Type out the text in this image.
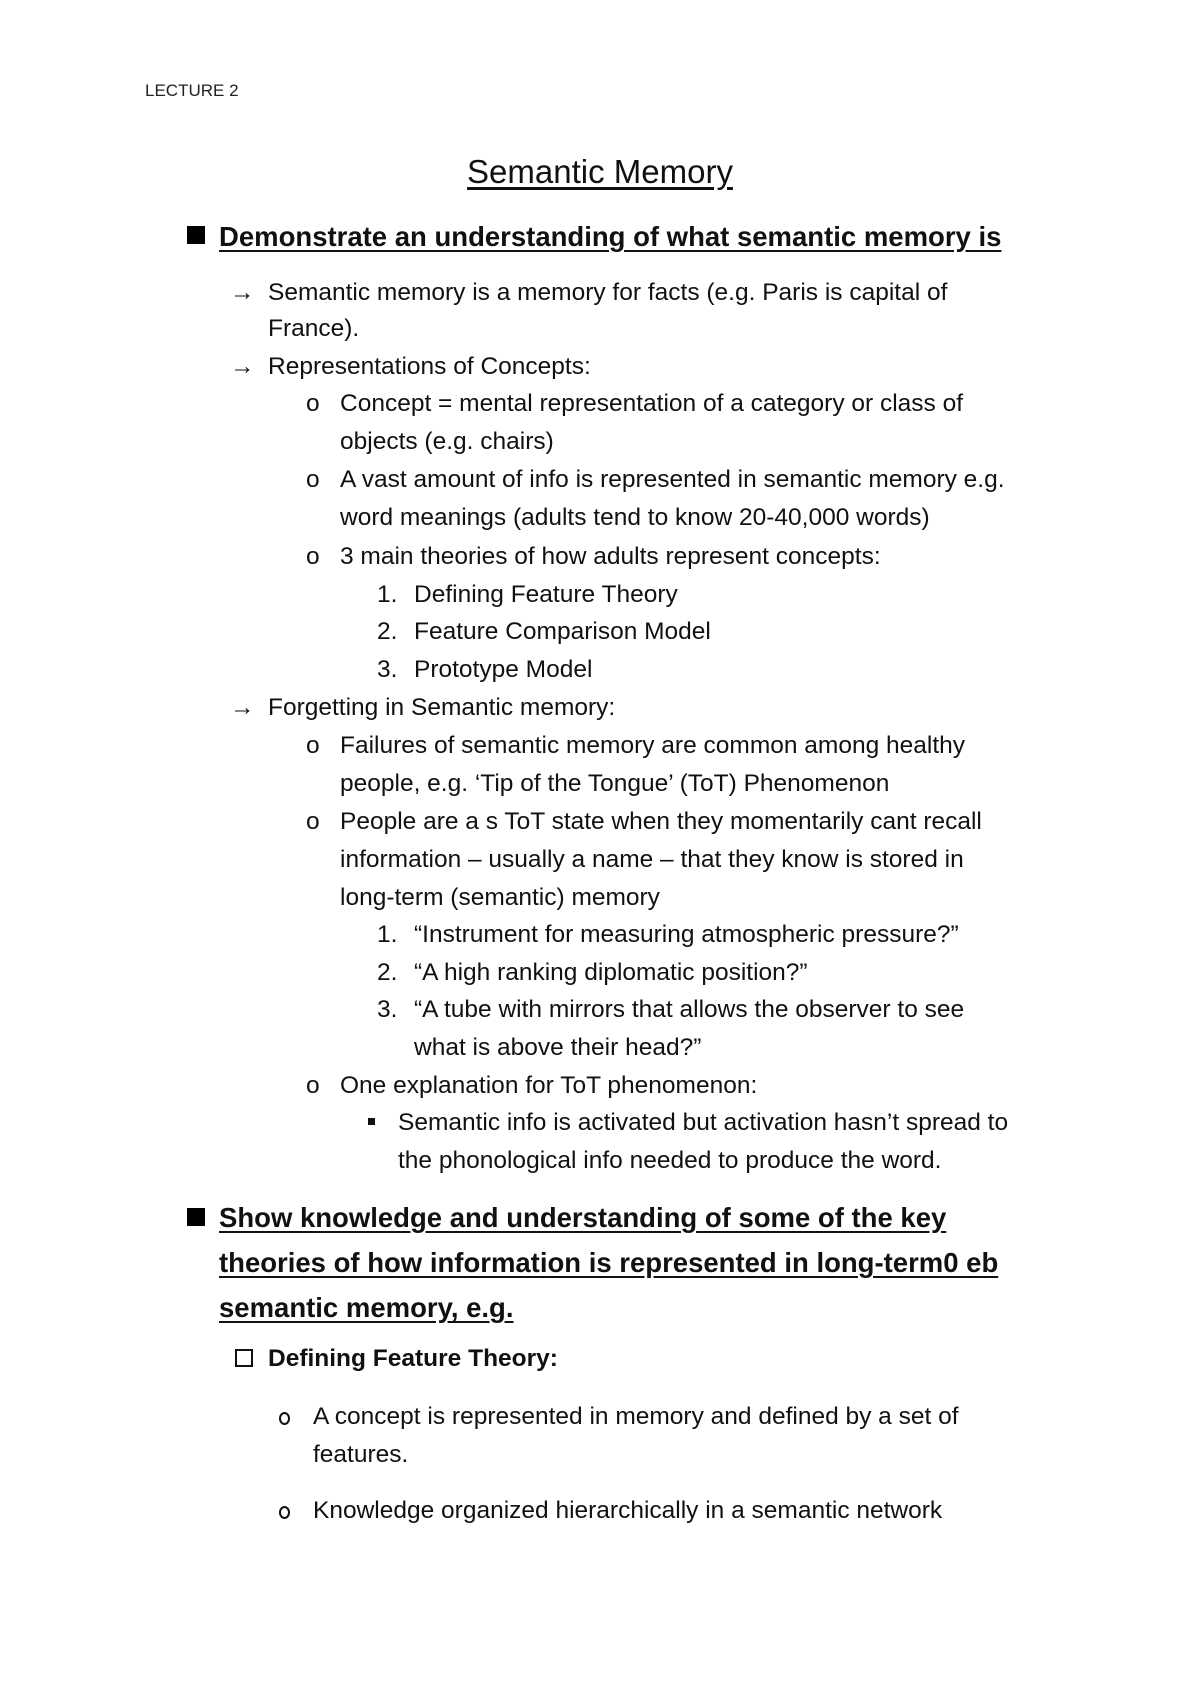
LECTURE 2
Semantic Memory
Demonstrate an understanding of what semantic memory is
→ Semantic memory is a memory for facts (e.g. Paris is capital of
France).
→ Representations of Concepts:
o Concept = mental representation of a category or class of
objects (e.g. chairs)
o A vast amount of info is represented in semantic memory e.g.
word meanings (adults tend to know 20-40,000 words)
o 3 main theories of how adults represent concepts:
1. Defining Feature Theory
2. Feature Comparison Model
3. Prototype Model
→ Forgetting in Semantic memory:
o Failures of semantic memory are common among healthy
people, e.g. ‘Tip of the Tongue’ (ToT) Phenomenon
o People are a s ToT state when they momentarily cant recall
information – usually a name – that they know is stored in
long-term (semantic) memory
1. “Instrument for measuring atmospheric pressure?”
2. “A high ranking diplomatic position?”
3. “A tube with mirrors that allows the observer to see
what is above their head?”
o One explanation for ToT phenomenon:
Semantic info is activated but activation hasn’t spread to
the phonological info needed to produce the word.
Show knowledge and understanding of some of the key
theories of how information is represented in long-term0 eb
semantic memory, e.g.
Defining Feature Theory:
A concept is represented in memory and defined by a set of
features.
Knowledge organized hierarchically in a semantic network
